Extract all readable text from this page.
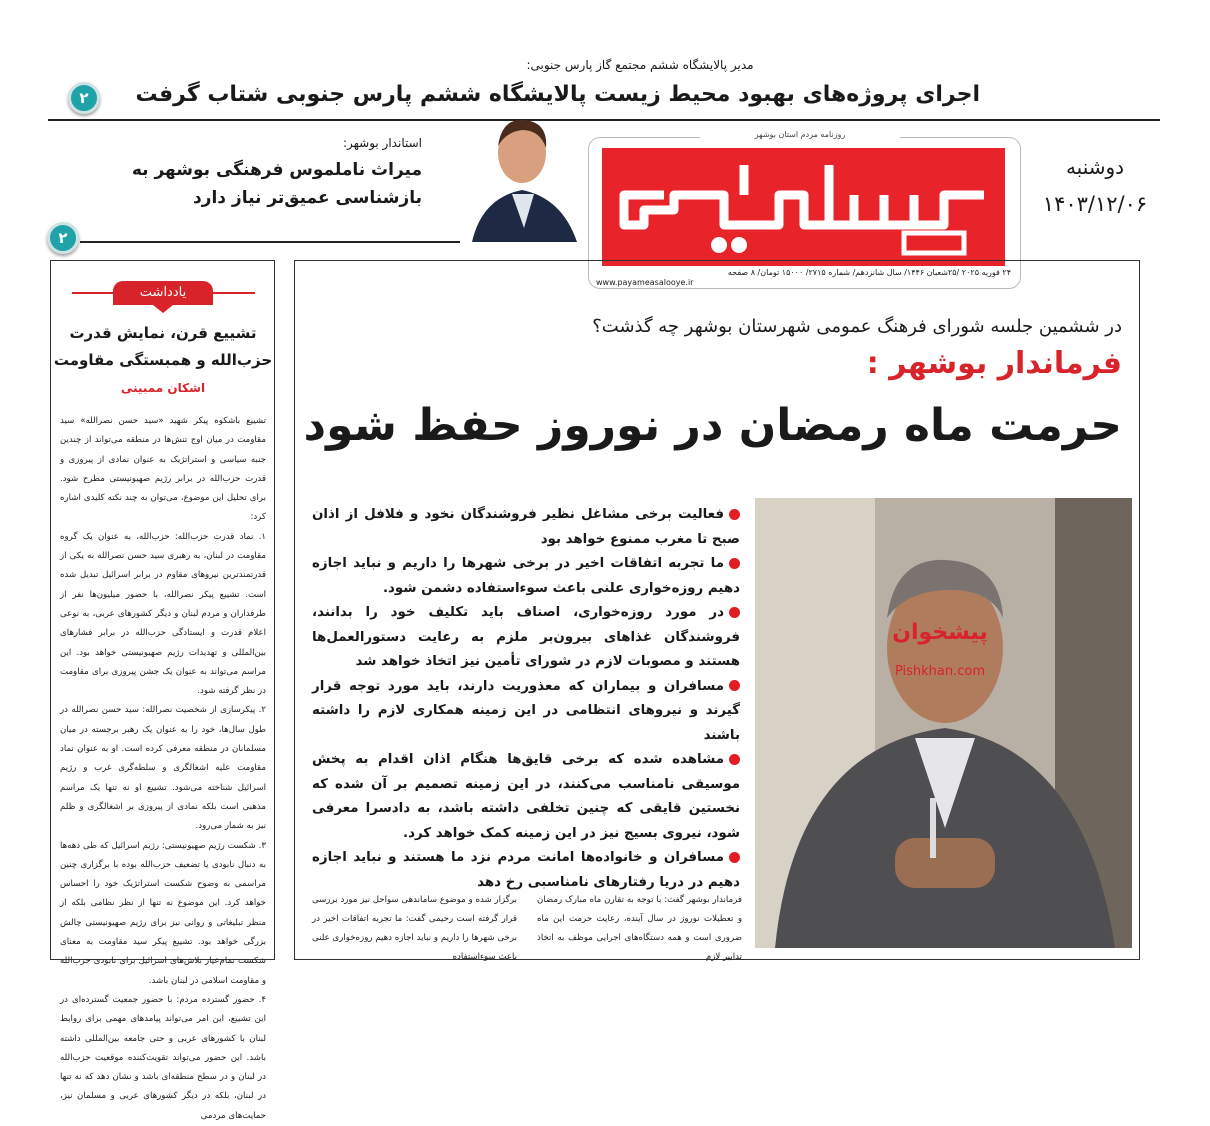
مدیر پالایشگاه ششم مجتمع گاز پارس جنوبی:
اجرای پروژه‌های بهبود محیط زیست پالایشگاه ششم پارس جنوبی شتاب گرفت
۲
روزنامه مردم استان بوشهر
۲۴ فوریه ۲۰۲۵ /۲۵شعبان ۱۴۴۶/ سال شانزدهم/ شماره ۲۷۱۵/ ۱۵۰۰۰ تومان/ ۸ صفحه
www.payameasalooye.ir
دوشنبه
۱۴۰۳/۱۲/۰۶
استاندار بوشهر:
میراث ناملموس فرهنگی بوشهر به
بازشناسی عمیق‌تر نیاز دارد
۲
یادداشت
تشییع قرن، نمایش قدرت
حزب‌الله و همبستگی مقاومت
اشکان ممبینی

تشییع باشکوه پیکر شهید «سید حسن نصرالله» سید مقاومت در میان اوج تنش‌ها در منطقه می‌تواند از چندین جنبه سیاسی و استراتژیک به عنوان نمادی از پیروزی و قدرت حزب‌الله در برابر رژیم صهیونیستی مطرح شود. برای تحلیل این موضوع، می‌توان به چند نکته کلیدی اشاره کرد:

۱. نماد قدرت حزب‌الله: حزب‌الله، به عنوان یک گروه مقاومت در لبنان، به رهبری سید حسن نصرالله به یکی از قدرتمندترین نیروهای مقاوم در برابر اسرائیل تبدیل شده است. تشییع پیکر نصرالله، با حضور میلیون‌ها نفر از طرفداران و مردم لبنان و دیگر کشورهای عربی، به نوعی اعلام قدرت و ایستادگی حزب‌الله در برابر فشارهای بین‌المللی و تهدیدات رژیم صهیونیستی خواهد بود. این مراسم می‌تواند به عنوان یک جشن پیروزی برای مقاومت در نظر گرفته شود.

۲. پیکرسازی از شخصیت نصرالله: سید حسن نصرالله در طول سال‌ها، خود را به عنوان یک رهبر برجسته در میان مسلمانان در منطقه معرفی کرده است. او به عنوان نماد مقاومت علیه اشغالگری و سلطه‌گری غرب و رژیم اسرائیل شناخته می‌شود. تشییع او نه تنها یک مراسم مذهبی است بلکه نمادی از پیروزی بر اشغالگری و ظلم نیز به شمار می‌رود.

۳. شکست رژیم صهیونیستی: رژیم اسرائیل که طی دهه‌ها به دنبال نابودی یا تضعیف حزب‌الله بوده با برگزاری چنین مراسمی به وضوح شکست استراتژیک خود را احساس خواهد کرد. این موضوع نه تنها از نظر نظامی بلکه از منظر تبلیغاتی و روانی نیز برای رژیم صهیونیستی چالش بزرگی خواهد بود. تشییع پیکر سید مقاومت به معنای شکست تمام‌عیار تلاش‌های اسرائیل برای نابودی حزب‌الله و مقاومت اسلامی در لبنان باشد.

۴. حضور گسترده مردم: با حضور جمعیت گسترده‌ای در این تشییع، این امر می‌تواند پیامدهای مهمی برای روابط لبنان با کشورهای عربی و حتی جامعه بین‌المللی داشته باشد. این حضور می‌تواند تقویت‌کننده موقعیت حزب‌الله در لبنان و در سطح منطقه‌ای باشد و نشان دهد که نه تنها در لبنان، بلکه در دیگر کشورهای عربی و مسلمان نیز، حمایت‌های مردمی

در ششمین جلسه شورای فرهنگ عمومی شهرستان بوشهر چه گذشت؟
فرماندار بوشهر :
حرمت ماه رمضان در نوروز حفظ شود
فعالیت برخی مشاغل نظیر فروشندگان نخود و فلافل از اذان صبح تا مغرب ممنوع خواهد بود
ما تجربه اتفاقات اخیر در برخی شهرها را داریم و نباید اجازه دهیم روزه‌خواری علنی باعث سوءاستفاده دشمن شود.
در مورد روزه‌خواری، اصناف باید تکلیف خود را بدانند، فروشندگان غذاهای بیرون‌بر ملزم به رعایت دستورالعمل‌ها هستند و مصوبات لازم در شورای تأمین نیز اتخاذ خواهد شد
مسافران و بیماران که معذوریت دارند، باید مورد توجه قرار گیرند و نیروهای انتظامی در این زمینه همکاری لازم را داشته باشند
مشاهده شده که برخی قایق‌ها هنگام اذان اقدام به پخش موسیقی نامناسب می‌کنند، در این زمینه تصمیم بر آن شده که نخستین قایقی که چنین تخلفی داشته باشد، به دادسرا معرفی شود، نیروی بسیج نیز در این زمینه کمک خواهد کرد.
مسافران و خانواده‌ها امانت مردم نزد ما هستند و نباید اجازه دهیم در دریا رفتارهای نامناسبی رخ دهد
فرماندار بوشهر گفت: با توجه به تقارن ماه مبارک رمضان و تعطیلات نوروز در سال آینده، رعایت حرمت این ماه ضروری است و همه دستگاه‌های اجرایی موظف به اتخاذ تدابیر لازم
برگزار شده و موضوع ساماندهی سواحل نیز مورد بررسی قرار گرفته است رحیمی گفت: ما تجربه اتفاقات اخیر در برخی شهرها را داریم و نباید اجازه دهیم روزه‌خواری علنی باعث سوءاستفاده
پیشخوان
Pishkhan.com
